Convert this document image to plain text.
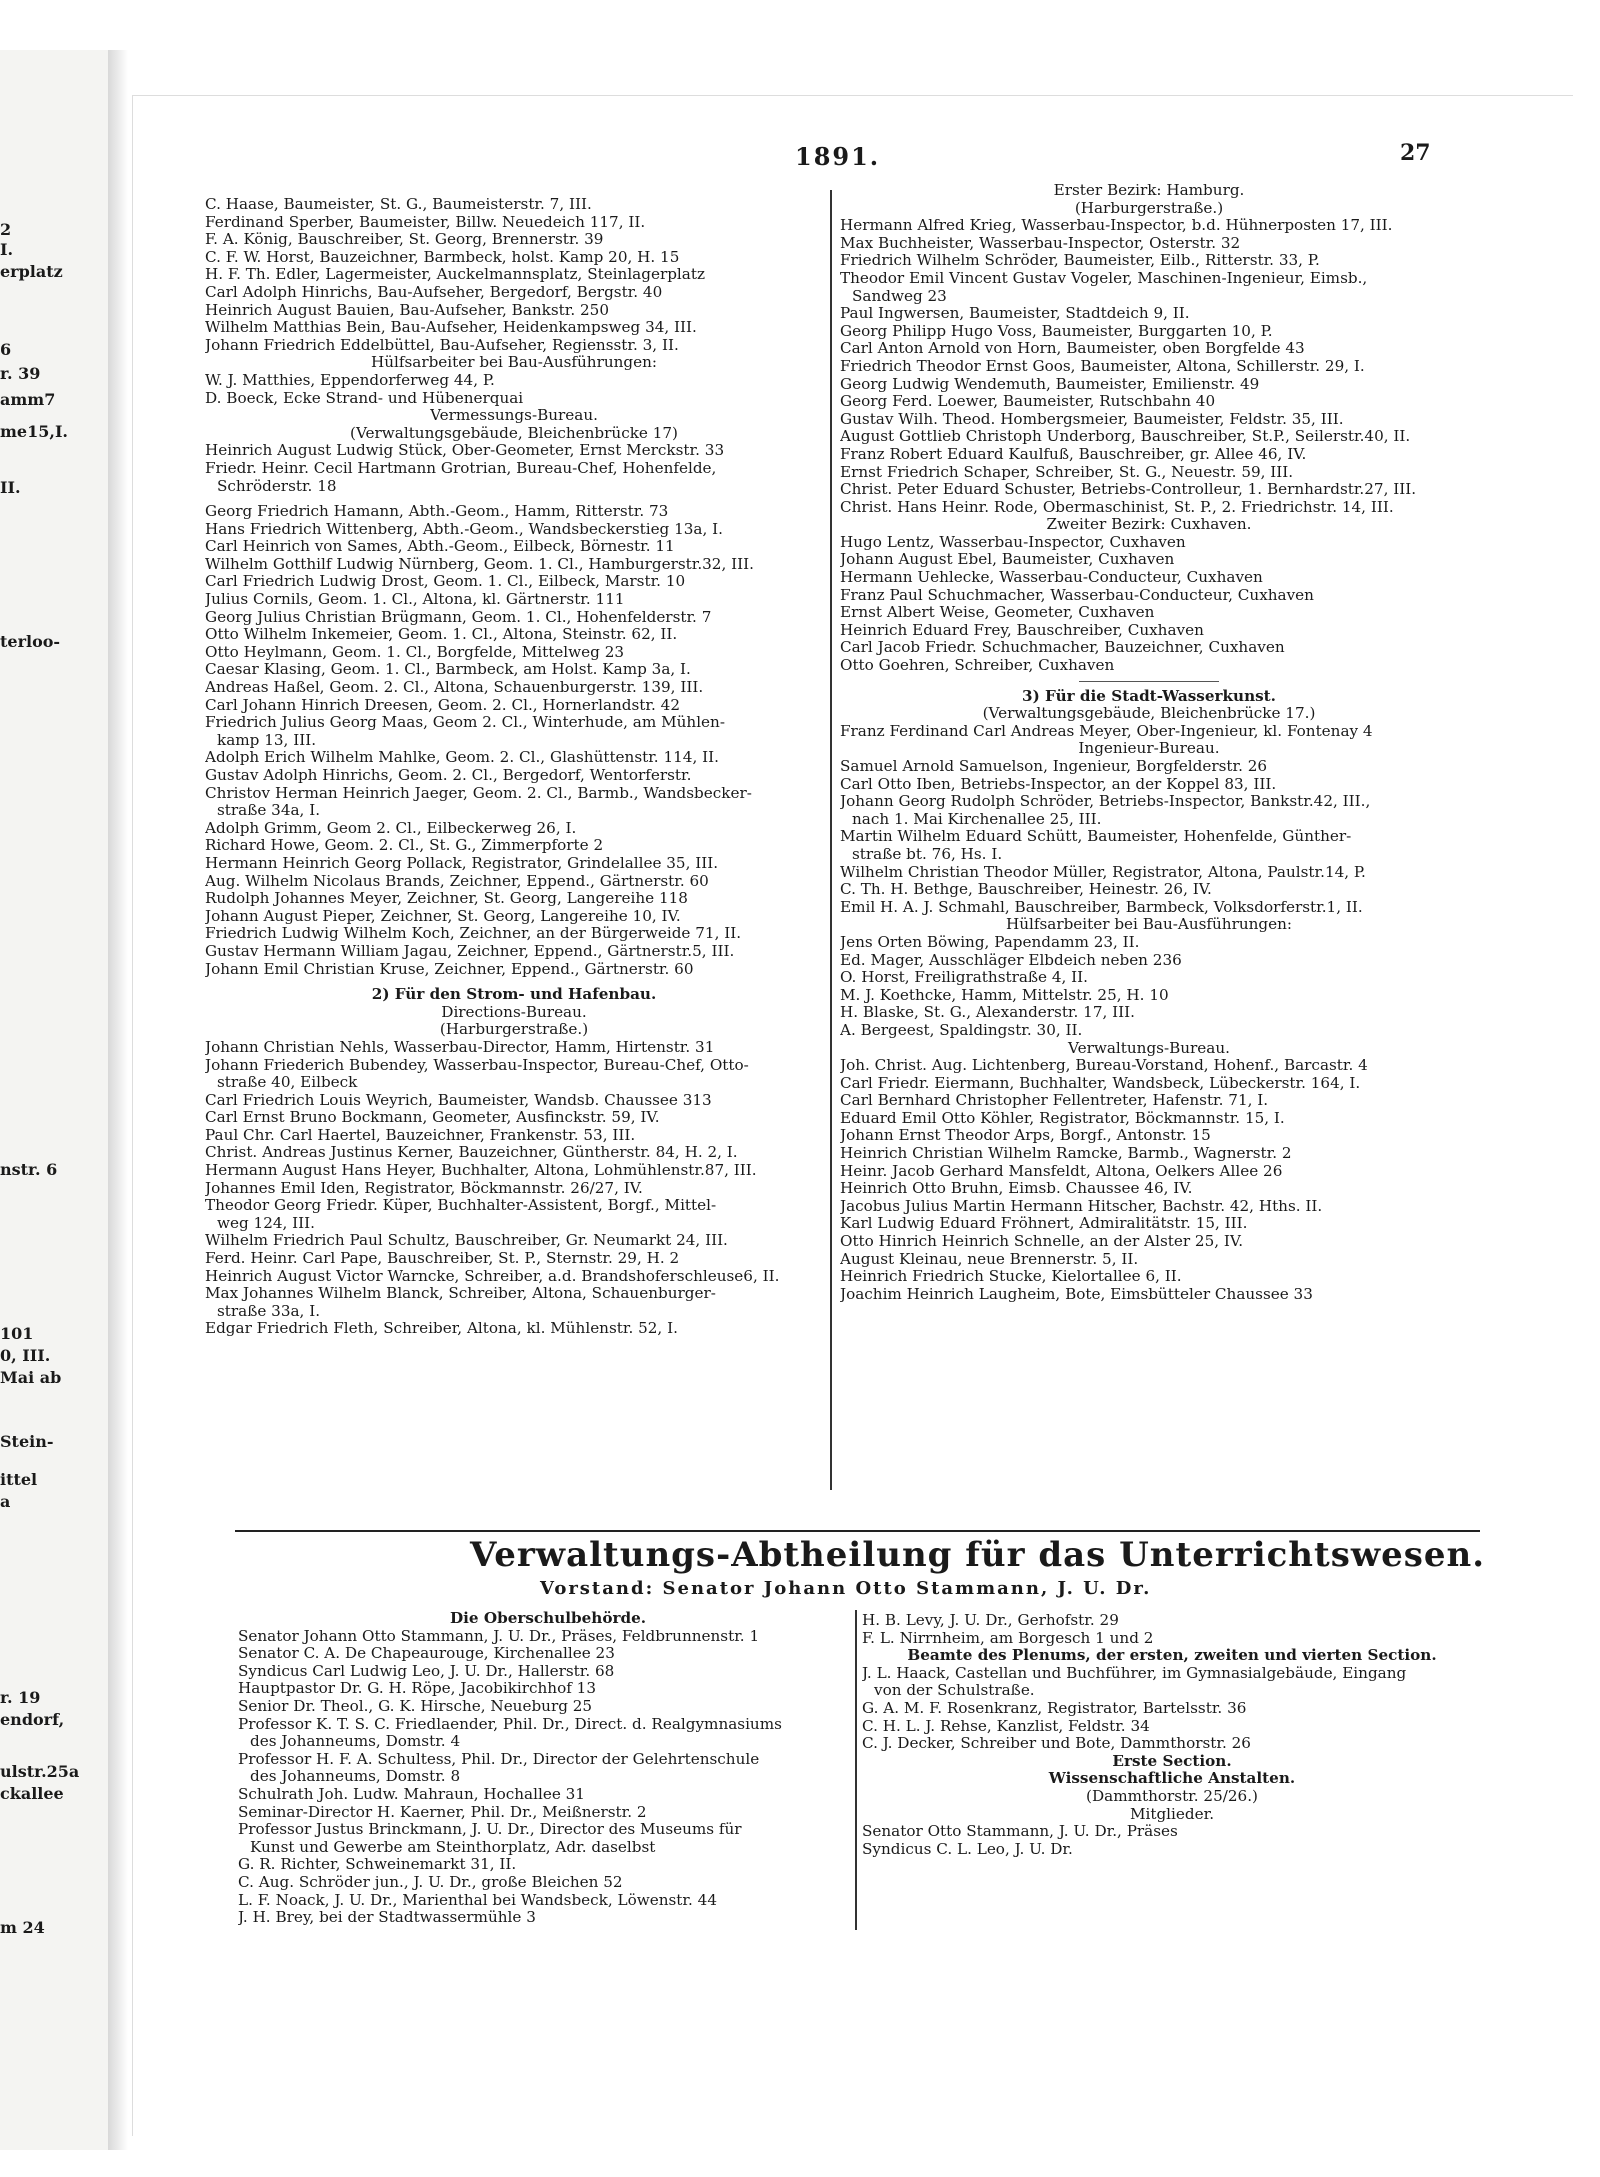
2
I.
erplatz
6
r. 39
amm7
me15,I.
II.
terloo-
nstr. 6
101
0, III.
Mai ab
Stein-
ittel
a
r. 19
endorf,
ulstr.25a
ckallee
m 24
1891.	27
C. Haase, Baumeister, St. G., Baumeisterstr. 7, III.
Ferdinand Sperber, Baumeister, Billw. Neuedeich 117, II.
F. A. König, Bauschreiber, St. Georg, Brennerstr. 39
C. F. W. Horst, Bauzeichner, Barmbeck, holst. Kamp 20, H. 15
H. F. Th. Edler, Lagermeister, Auckelmannsplatz, Steinlagerplatz
Carl Adolph Hinrichs, Bau-Aufseher, Bergedorf, Bergstr. 40
Heinrich August Bauien, Bau-Aufseher, Bankstr. 250
Wilhelm Matthias Bein, Bau-Aufseher, Heidenkampsweg 34, III.
Johann Friedrich Eddelbüttel, Bau-Aufseher, Regiensstr. 3, II.
Hülfsarbeiter bei Bau-Ausführungen:
W. J. Matthies, Eppendorferweg 44, P.
D. Boeck, Ecke Strand- und Hübenerquai
Vermessungs-Bureau.
(Verwaltungsgebäude, Bleichenbrücke 17)
Heinrich August Ludwig Stück, Ober-Geometer, Ernst Merckstr. 33
Friedr. Heinr. Cecil Hartmann Grotrian, Bureau-Chef, Hohenfelde,
Schröderstr. 18
Georg Friedrich Hamann, Abth.-Geom., Hamm, Ritterstr. 73
Hans Friedrich Wittenberg, Abth.-Geom., Wandsbeckerstieg 13a, I.
Carl Heinrich von Sames, Abth.-Geom., Eilbeck, Börnestr. 11
Wilhelm Gotthilf Ludwig Nürnberg, Geom. 1. Cl., Hamburgerstr.32, III.
Carl Friedrich Ludwig Drost, Geom. 1. Cl., Eilbeck, Marstr. 10
Julius Cornils, Geom. 1. Cl., Altona, kl. Gärtnerstr. 111
Georg Julius Christian Brügmann, Geom. 1. Cl., Hohenfelderstr. 7
Otto Wilhelm Inkemeier, Geom. 1. Cl., Altona, Steinstr. 62, II.
Otto Heylmann, Geom. 1. Cl., Borgfelde, Mittelweg 23
Caesar Klasing, Geom. 1. Cl., Barmbeck, am Holst. Kamp 3a, I.
Andreas Haßel, Geom. 2. Cl., Altona, Schauenburgerstr. 139, III.
Carl Johann Hinrich Dreesen, Geom. 2. Cl., Hornerlandstr. 42
Friedrich Julius Georg Maas, Geom 2. Cl., Winterhude, am Mühlen-
kamp 13, III.
Adolph Erich Wilhelm Mahlke, Geom. 2. Cl., Glashüttenstr. 114, II.
Gustav Adolph Hinrichs, Geom. 2. Cl., Bergedorf, Wentorferstr.
Christov Herman Heinrich Jaeger, Geom. 2. Cl., Barmb., Wandsbecker-
straße 34a, I.
Adolph Grimm, Geom 2. Cl., Eilbeckerweg 26, I.
Richard Howe, Geom. 2. Cl., St. G., Zimmerpforte 2
Hermann Heinrich Georg Pollack, Registrator, Grindelallee 35, III.
Aug. Wilhelm Nicolaus Brands, Zeichner, Eppend., Gärtnerstr. 60
Rudolph Johannes Meyer, Zeichner, St. Georg, Langereihe 118
Johann August Pieper, Zeichner, St. Georg, Langereihe 10, IV.
Friedrich Ludwig Wilhelm Koch, Zeichner, an der Bürgerweide 71, II.
Gustav Hermann William Jagau, Zeichner, Eppend., Gärtnerstr.5, III.
Johann Emil Christian Kruse, Zeichner, Eppend., Gärtnerstr. 60
2) Für den Strom- und Hafenbau.
Directions-Bureau.
(Harburgerstraße.)
Johann Christian Nehls, Wasserbau-Director, Hamm, Hirtenstr. 31
Johann Friederich Bubendey, Wasserbau-Inspector, Bureau-Chef, Otto-
straße 40, Eilbeck
Carl Friedrich Louis Weyrich, Baumeister, Wandsb. Chaussee 313
Carl Ernst Bruno Bockmann, Geometer, Ausfinckstr. 59, IV.
Paul Chr. Carl Haertel, Bauzeichner, Frankenstr. 53, III.
Christ. Andreas Justinus Kerner, Bauzeichner, Güntherstr. 84, H. 2, I.
Hermann August Hans Heyer, Buchhalter, Altona, Lohmühlenstr.87, III.
Johannes Emil Iden, Registrator, Böckmannstr. 26/27, IV.
Theodor Georg Friedr. Küper, Buchhalter-Assistent, Borgf., Mittel-
weg 124, III.
Wilhelm Friedrich Paul Schultz, Bauschreiber, Gr. Neumarkt 24, III.
Ferd. Heinr. Carl Pape, Bauschreiber, St. P., Sternstr. 29, H. 2
Heinrich August Victor Warncke, Schreiber, a.d. Brandshoferschleuse6, II.
Max Johannes Wilhelm Blanck, Schreiber, Altona, Schauenburger-
straße 33a, I.
Edgar Friedrich Fleth, Schreiber, Altona, kl. Mühlenstr. 52, I.
Erster Bezirk: Hamburg.
(Harburgerstraße.)
Hermann Alfred Krieg, Wasserbau-Inspector, b.d. Hühnerposten 17, III.
Max Buchheister, Wasserbau-Inspector, Osterstr. 32
Friedrich Wilhelm Schröder, Baumeister, Eilb., Ritterstr. 33, P.
Theodor Emil Vincent Gustav Vogeler, Maschinen-Ingenieur, Eimsb.,
Sandweg 23
Paul Ingwersen, Baumeister, Stadtdeich 9, II.
Georg Philipp Hugo Voss, Baumeister, Burggarten 10, P.
Carl Anton Arnold von Horn, Baumeister, oben Borgfelde 43
Friedrich Theodor Ernst Goos, Baumeister, Altona, Schillerstr. 29, I.
Georg Ludwig Wendemuth, Baumeister, Emilienstr. 49
Georg Ferd. Loewer, Baumeister, Rutschbahn 40
Gustav Wilh. Theod. Hombergsmeier, Baumeister, Feldstr. 35, III.
August Gottlieb Christoph Underborg, Bauschreiber, St.P., Seilerstr.40, II.
Franz Robert Eduard Kaulfuß, Bauschreiber, gr. Allee 46, IV.
Ernst Friedrich Schaper, Schreiber, St. G., Neuestr. 59, III.
Christ. Peter Eduard Schuster, Betriebs-Controlleur, 1. Bernhardstr.27, III.
Christ. Hans Heinr. Rode, Obermaschinist, St. P., 2. Friedrichstr. 14, III.
Zweiter Bezirk: Cuxhaven.
Hugo Lentz, Wasserbau-Inspector, Cuxhaven
Johann August Ebel, Baumeister, Cuxhaven
Hermann Uehlecke, Wasserbau-Conducteur, Cuxhaven
Franz Paul Schuchmacher, Wasserbau-Conducteur, Cuxhaven
Ernst Albert Weise, Geometer, Cuxhaven
Heinrich Eduard Frey, Bauschreiber, Cuxhaven
Carl Jacob Friedr. Schuchmacher, Bauzeichner, Cuxhaven
Otto Goehren, Schreiber, Cuxhaven
3) Für die Stadt-Wasserkunst.
(Verwaltungsgebäude, Bleichenbrücke 17.)
Franz Ferdinand Carl Andreas Meyer, Ober-Ingenieur, kl. Fontenay 4
Ingenieur-Bureau.
Samuel Arnold Samuelson, Ingenieur, Borgfelderstr. 26
Carl Otto Iben, Betriebs-Inspector, an der Koppel 83, III.
Johann Georg Rudolph Schröder, Betriebs-Inspector, Bankstr.42, III.,
nach 1. Mai Kirchenallee 25, III.
Martin Wilhelm Eduard Schütt, Baumeister, Hohenfelde, Günther-
straße bt. 76, Hs. I.
Wilhelm Christian Theodor Müller, Registrator, Altona, Paulstr.14, P.
C. Th. H. Bethge, Bauschreiber, Heinestr. 26, IV.
Emil H. A. J. Schmahl, Bauschreiber, Barmbeck, Volksdorferstr.1, II.
Hülfsarbeiter bei Bau-Ausführungen:
Jens Orten Böwing, Papendamm 23, II.
Ed. Mager, Ausschläger Elbdeich neben 236
O. Horst, Freiligrathstraße 4, II.
M. J. Koethcke, Hamm, Mittelstr. 25, H. 10
H. Blaske, St. G., Alexanderstr. 17, III.
A. Bergeest, Spaldingstr. 30, II.
Verwaltungs-Bureau.
Joh. Christ. Aug. Lichtenberg, Bureau-Vorstand, Hohenf., Barcastr. 4
Carl Friedr. Eiermann, Buchhalter, Wandsbeck, Lübeckerstr. 164, I.
Carl Bernhard Christopher Fellentreter, Hafenstr. 71, I.
Eduard Emil Otto Köhler, Registrator, Böckmannstr. 15, I.
Johann Ernst Theodor Arps, Borgf., Antonstr. 15
Heinrich Christian Wilhelm Ramcke, Barmb., Wagnerstr. 2
Heinr. Jacob Gerhard Mansfeldt, Altona, Oelkers Allee 26
Heinrich Otto Bruhn, Eimsb. Chaussee 46, IV.
Jacobus Julius Martin Hermann Hitscher, Bachstr. 42, Hths. II.
Karl Ludwig Eduard Fröhnert, Admiralitätstr. 15, III.
Otto Hinrich Heinrich Schnelle, an der Alster 25, IV.
August Kleinau, neue Brennerstr. 5, II.
Heinrich Friedrich Stucke, Kielortallee 6, II.
Joachim Heinrich Laugheim, Bote, Eimsbütteler Chaussee 33
Verwaltungs-Abtheilung für das Unterrichtswesen.
Vorstand: Senator Johann Otto Stammann, J. U. Dr.
Die Oberschulbehörde.
Senator Johann Otto Stammann, J. U. Dr., Präses, Feldbrunnenstr. 1
Senator C. A. De Chapeaurouge, Kirchenallee 23
Syndicus Carl Ludwig Leo, J. U. Dr., Hallerstr. 68
Hauptpastor Dr. G. H. Röpe, Jacobikirchhof 13
Senior Dr. Theol., G. K. Hirsche, Neueburg 25
Professor K. T. S. C. Friedlaender, Phil. Dr., Direct. d. Realgymnasiums
des Johanneums, Domstr. 4
Professor H. F. A. Schultess, Phil. Dr., Director der Gelehrtenschule
des Johanneums, Domstr. 8
Schulrath Joh. Ludw. Mahraun, Hochallee 31
Seminar-Director H. Kaerner, Phil. Dr., Meißnerstr. 2
Professor Justus Brinckmann, J. U. Dr., Director des Museums für
Kunst und Gewerbe am Steinthorplatz, Adr. daselbst
G. R. Richter, Schweinemarkt 31, II.
C. Aug. Schröder jun., J. U. Dr., große Bleichen 52
L. F. Noack, J. U. Dr., Marienthal bei Wandsbeck, Löwenstr. 44
J. H. Brey, bei der Stadtwassermühle 3
H. B. Levy, J. U. Dr., Gerhofstr. 29
F. L. Nirrnheim, am Borgesch 1 und 2
Beamte des Plenums, der ersten, zweiten und vierten Section.
J. L. Haack, Castellan und Buchführer, im Gymnasialgebäude, Eingang
von der Schulstraße.
G. A. M. F. Rosenkranz, Registrator, Bartelsstr. 36
C. H. L. J. Rehse, Kanzlist, Feldstr. 34
C. J. Decker, Schreiber und Bote, Dammthorstr. 26
Erste Section.
Wissenschaftliche Anstalten.
(Dammthorstr. 25/26.)
Mitglieder.
Senator Otto Stammann, J. U. Dr., Präses
Syndicus C. L. Leo, J. U. Dr.
